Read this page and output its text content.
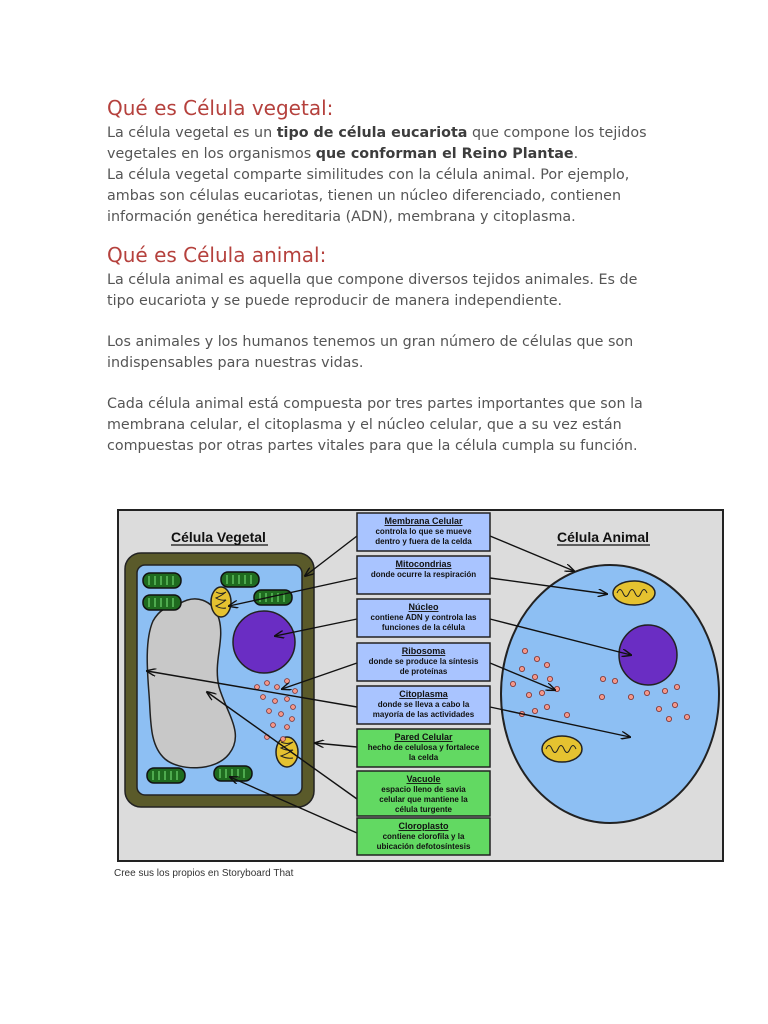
Qué es Célula vegetal:

La célula vegetal es un tipo de célula eucariota que compone los tejidos vegetales en los organismos que conforman el Reino Plantae.

La célula vegetal comparte similitudes con la célula animal. Por ejemplo, ambas son células eucariotas, tienen un núcleo diferenciado, contienen información genética hereditaria (ADN), membrana y citoplasma.

Qué es Célula animal:

La célula animal es aquella que compone diversos tejidos animales. Es de tipo eucariota y se puede reproducir de manera independiente.

Los animales y los humanos tenemos un gran número de células que son indispensables para nuestras vidas.

Cada célula animal está compuesta por tres partes importantes que son la membrana celular, el citoplasma y el núcleo celular, que a su vez están compuestas por otras partes vitales para que la célula cumpla su función.

Célula Vegetal	Célula Animal
Membrana Celular
controla lo que se mueve
dentro y fuera de la celda
Mitocondrias
donde ocurre la respiración
Núcleo
contiene ADN y controla las
funciones de la célula
Ribosoma
donde se produce la síntesis
de proteínas
Citoplasma
donde se lleva a cabo la
mayoría de las actividades
Pared Celular
hecho de celulosa y fortalece
la celda
Vacuole
espacio lleno de savia
celular que mantiene la
célula turgente
Cloroplasto
contiene clorofila y la
ubicación defotosíntesis
Cree sus los propios en Storyboard That
